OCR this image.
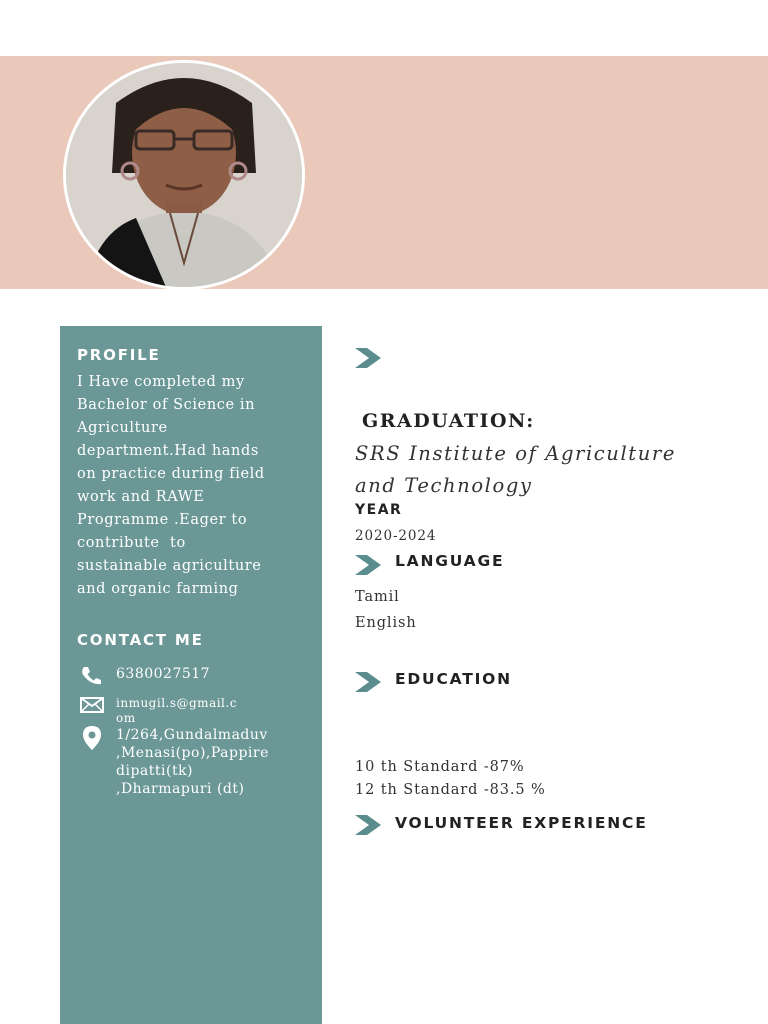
PROFILE

I Have completed my
Bachelor of Science in
Agriculture
department.Had hands
on practice during field
work and RAWE
Programme .Eager to
contribute  to
sustainable agriculture
and organic farming

CONTACT ME
6380027517
inmugil.s@gmail.c
om
1/264,Gundalmaduv
,Menasi(po),Pappire
dipatti(tk)
,Dharmapuri (dt)
GRADUATION:
SRS Institute of Agriculture
and Technology
YEAR
2020-2024
LANGUAGE
Tamil
English
EDUCATION
10 th Standard -87%
12 th Standard -83.5 %
VOLUNTEER EXPERIENCE
